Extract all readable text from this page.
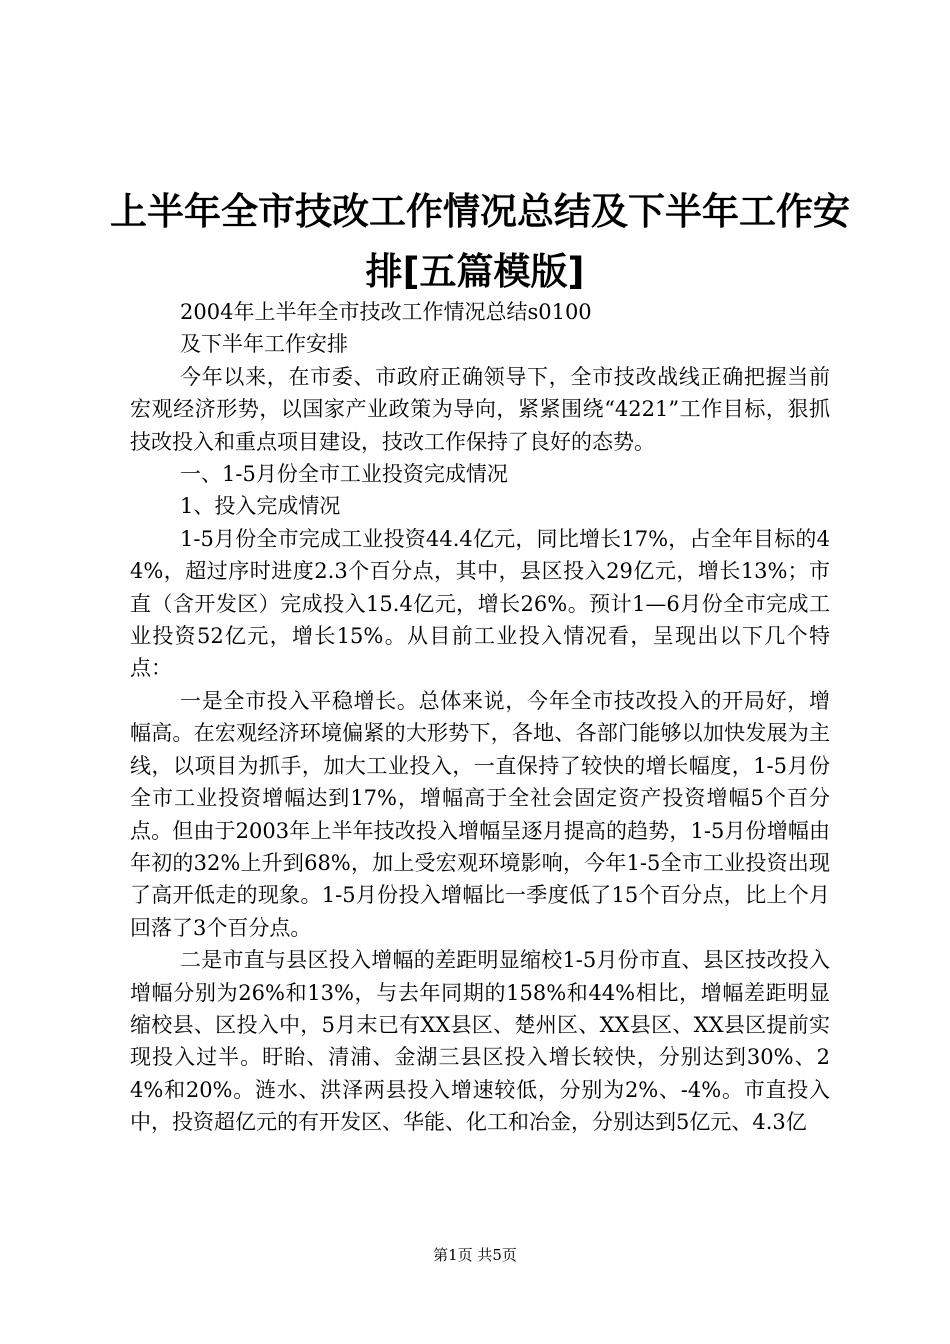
上半年全市技改工作情况总结及下半年工作安
排[五篇模版]

2004年上半年全市技改工作情况总结s0100

及下半年工作安排

今年以来，在市委、市政府正确领导下，全市技改战线正确把握当前宏观经济形势，以国家产业政策为导向，紧紧围绕“4221”工作目标，狠抓技改投入和重点项目建设，技改工作保持了良好的态势。

一、1-5月份全市工业投资完成情况

1、投入完成情况

1-5月份全市完成工业投资44.4亿元，同比增长17%，占全年目标的44%，超过序时进度2.3个百分点，其中，县区投入29亿元，增长13%；市直（含开发区）完成投入15.4亿元，增长26%。预计1—6月份全市完成工业投资52亿元，增长15%。从目前工业投入情况看，呈现出以下几个特点：

一是全市投入平稳增长。总体来说，今年全市技改投入的开局好，增幅高。在宏观经济环境偏紧的大形势下，各地、各部门能够以加快发展为主线，以项目为抓手，加大工业投入，一直保持了较快的增长幅度，1-5月份全市工业投资增幅达到17%，增幅高于全社会固定资产投资增幅5个百分点。但由于2003年上半年技改投入增幅呈逐月提高的趋势，1-5月份增幅由年初的32%上升到68%，加上受宏观环境影响，今年1-5全市工业投资出现了高开低走的现象。1-5月份投入增幅比一季度低了15个百分点，比上个月回落了3个百分点。

二是市直与县区投入增幅的差距明显缩校1-5月份市直、县区技改投入增幅分别为26%和13%，与去年同期的158%和44%相比，增幅差距明显缩校县、区投入中，5月末已有XX县区、楚州区、XX县区、XX县区提前实现投入过半。盱眙、清浦、金湖三县区投入增长较快，分别达到30%、24%和20%。涟水、洪泽两县投入增速较低，分别为2%、-4%。市直投入中，投资超亿元的有开发区、华能、化工和冶金，分别达到5亿元、4.3亿

第1页 共5页
